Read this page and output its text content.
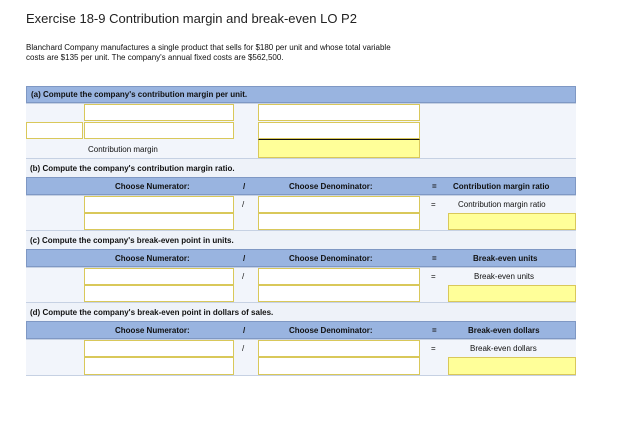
Exercise 18-9 Contribution margin and break-even LO P2
Blanchard Company manufactures a single product that sells for $180 per unit and whose total variable
costs are $135 per unit. The company's annual fixed costs are $562,500.
(a) Compute the company's contribution margin per unit.
Contribution margin
(b) Compute the company's contribution margin ratio.
Choose Numerator:	/	Choose Denominator:	= Contribution margin ratio
/	=	Contribution margin ratio
(c) Compute the company's break-even point in units.
Choose Numerator:	/	Choose Denominator:	=	Break-even units
/	=	Break-even units
(d) Compute the company's break-even point in dollars of sales.
Choose Numerator:	/	Choose Denominator:	=	Break-even dollars
/	=	Break-even dollars
